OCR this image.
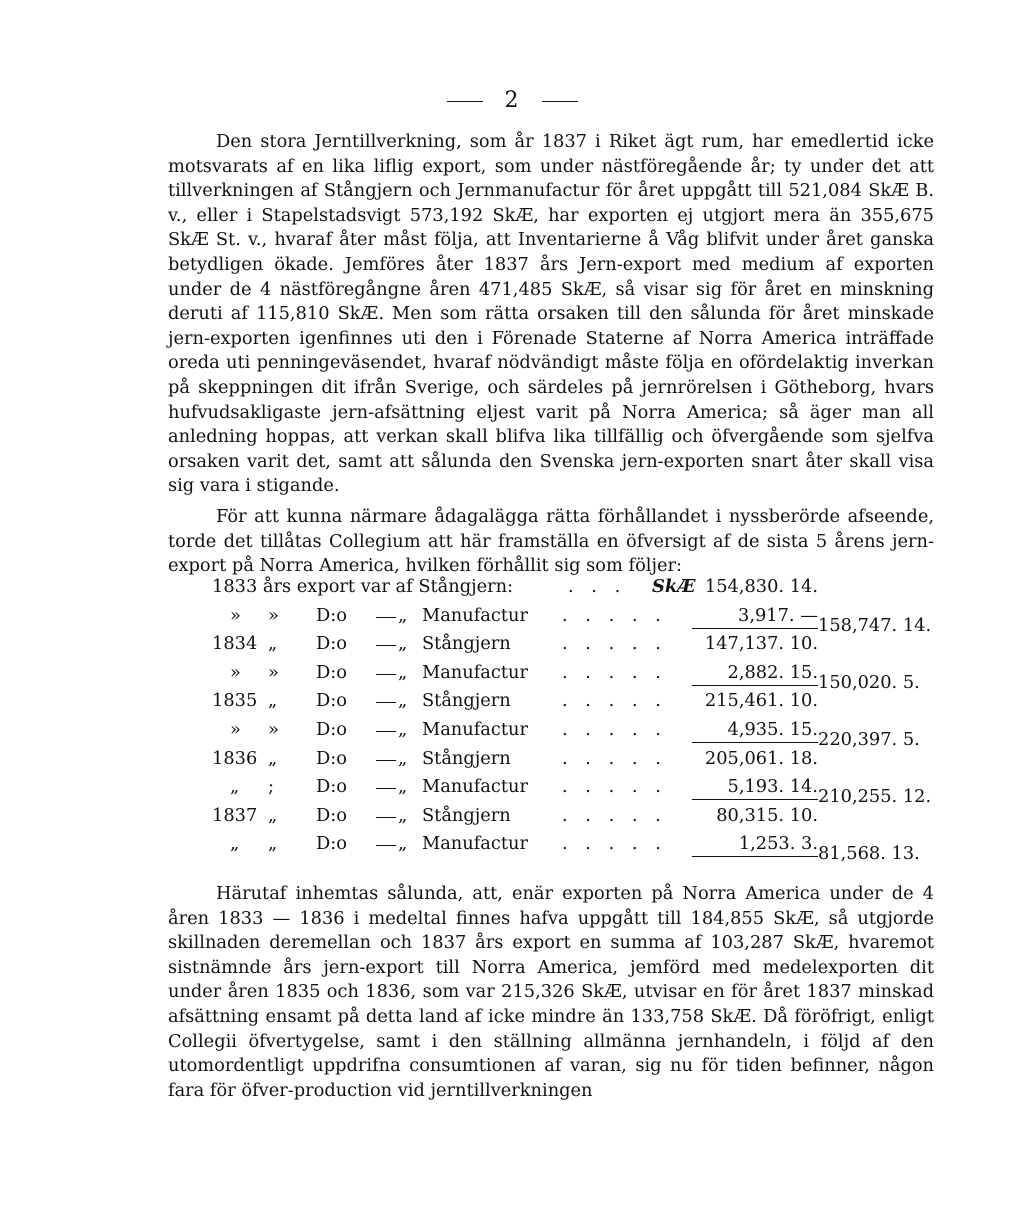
2

Den stora Jerntillverkning, som år 1837 i Riket ägt rum, har emedlertid icke motsvarats af en lika liflig export, som under nästföregående år; ty under det att tillverkningen af Stångjern och Jernmanufactur för året uppgått till 521,084 SkÆ B. v., eller i Stapelstadsvigt 573,192 SkÆ, har exporten ej utgjort mera än 355,675 SkÆ St. v., hvaraf åter måst följa, att Inventarierne å Våg blifvit under året ganska betydligen ökade. Jemföres åter 1837 års Jern-export med medium af exporten under de 4 nästföregångne åren 471,485 SkÆ, så visar sig för året en minskning deruti af 115,810 SkÆ. Men som rätta orsaken till den sålunda för året minskade jern-exporten igenfinnes uti den i Förenade Staterne af Norra America inträffade oreda uti penningeväsendet, hvaraf nödvändigt måste följa en ofördelaktig inverkan på skeppningen dit ifrån Sverige, och särdeles på jernrörelsen i Götheborg, hvars hufvudsakligaste jern-afsättning eljest varit på Norra America; så äger man all anledning hoppas, att verkan skall blifva lika tillfällig och öfvergående som sjelfva orsaken varit det, samt att sålunda den Svenska jern-exporten snart åter skall visa sig vara i stigande.

För att kunna närmare ådagalägga rätta förhållandet i nyssberörde afseende, torde det tillåtas Collegium att här framställa en öfversigt af de sista 5 årens jern-export på Norra America, hvilken förhållit sig som följer:

1833 års export var af Stångjern:	. . . SkÆ 154,830. 14.
» » D:o	„ Manufactur . . . . .	3,917. — 158,747. 14.
1834 „ D:o	„ Stångjern	. . . . .	147,137. 10.
» » D:o	„ Manufactur . . . . .	2,882. 15. 150,020. 5.
1835 „ D:o	„ Stångjern	. . . . .	215,461. 10.
» » D:o	„ Manufactur . . . . .	4,935. 15. 220,397. 5.
1836 „ D:o	„ Stångjern	. . . . .	205,061. 18.
„ ; D:o	„ Manufactur . . . . .	5,193. 14. 210,255. 12.
1837 „ D:o	„ Stångjern	. . . . .	80,315. 10.
„ „ D:o	„ Manufactur . . . . .	1,253. 3. 81,568. 13.

Härutaf inhemtas sålunda, att, enär exporten på Norra America under de 4 åren 1833 — 1836 i medeltal finnes hafva uppgått till 184,855 SkÆ, så utgjorde skillnaden deremellan och 1837 års export en summa af 103,287 SkÆ, hvaremot sistnämnde års jern-export till Norra America, jemförd med medelexporten dit under åren 1835 och 1836, som var 215,326 SkÆ, utvisar en för året 1837 minskad afsättning ensamt på detta land af icke mindre än 133,758 SkÆ. Då föröfrigt, enligt Collegii öfvertygelse, samt i den ställning allmänna jernhandeln, i följd af den utomordentligt uppdrifna consumtionen af varan, sig nu för tiden befinner, någon fara för öfver-production vid jerntillverkningen
